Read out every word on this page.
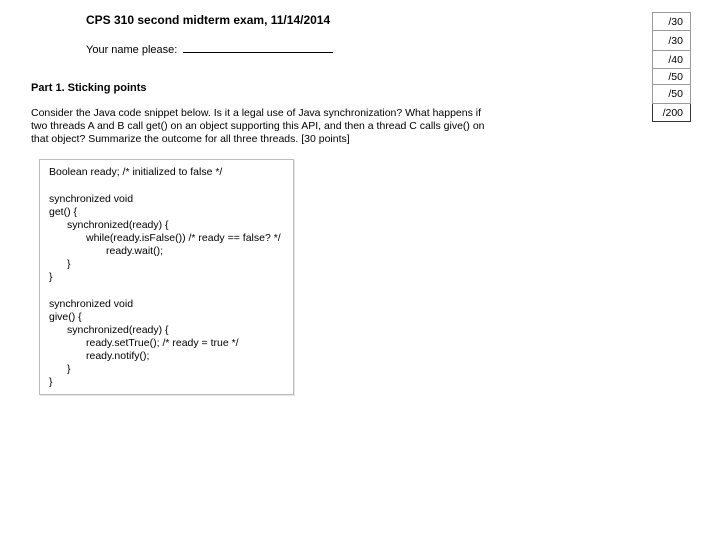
CPS 310 second midterm exam, 11/14/2014
Your name please:
Part 1. Sticking points
Consider the Java code snippet below. Is it a legal use of Java synchronization? What happens if
two threads A and B call get() on an object supporting this API, and then a thread C calls give() on
that object? Summarize the outcome for all three threads. [30 points]
Boolean ready; /* initialized to false */
synchronized void
get() {
synchronized(ready) {
while(ready.isFalse()) /* ready == false? */
ready.wait();
}
}
synchronized void
give() {
synchronized(ready) {
ready.setTrue(); /* ready = true */
ready.notify();
}
}
/30
/30
/40
/50
/50
/200
